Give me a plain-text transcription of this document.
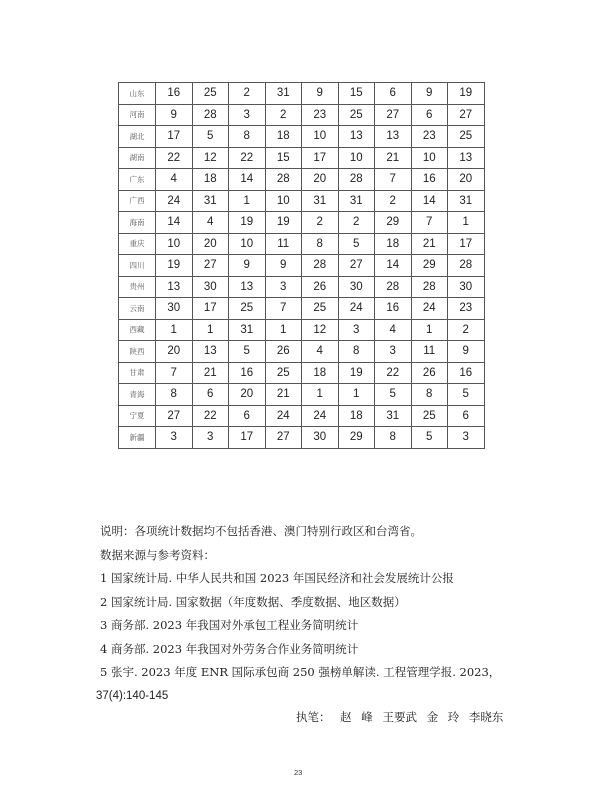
山东	16	25	2	31	9	15	6	9	19
河南	9	28	3	2	23	25	27	6	27
湖北	17	5	8	18	10	13	13	23	25
湖南	22	12	22	15	17	10	21	10	13
广东	4	18	14	28	20	28	7	16	20
广西	24	31	1	10	31	31	2	14	31
海南	14	4	19	19	2	2	29	7	1
重庆	10	20	10	11	8	5	18	21	17
四川	19	27	9	9	28	27	14	29	28
贵州	13	30	13	3	26	30	28	28	30
云南	30	17	25	7	25	24	16	24	23
西藏	1	1	31	1	12	3	4	1	2
陕西	20	13	5	26	4	8	3	11	9
甘肃	7	21	16	25	18	19	22	26	16
青海	8	6	20	21	1	1	5	8	5
宁夏	27	22	6	24	24	18	31	25	6
新疆	3	3	17	27	30	29	8	5	3

说明：各项统计数据均不包括香港、澳门特别行政区和台湾省。

数据来源与参考资料：

1 国家统计局. 中华人民共和国 2023 年国民经济和社会发展统计公报

2 国家统计局. 国家数据（年度数据、季度数据、地区数据）

3 商务部. 2023 年我国对外承包工程业务简明统计

4 商务部. 2023 年我国对外劳务合作业务简明统计

5 张宇. 2023 年度 ENR 国际承包商 250 强榜单解读. 工程管理学报. 2023，

37(4):140-145

执笔： 赵 峰 王要武 金 玲 李晓东
23
